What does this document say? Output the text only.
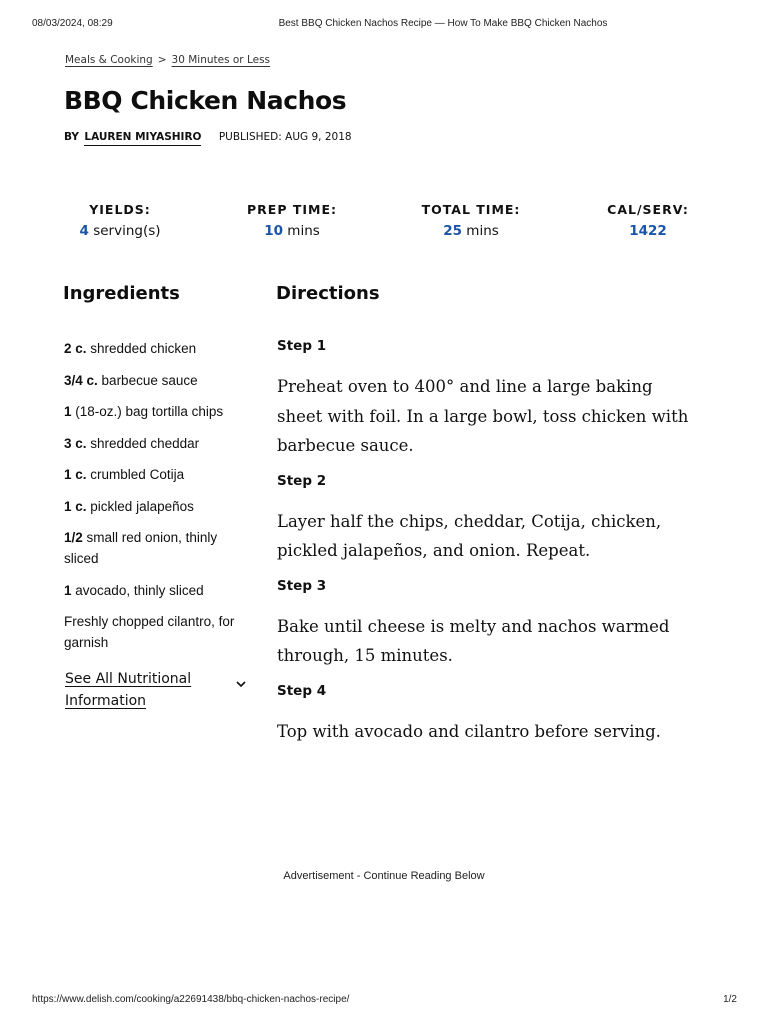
08/03/2024, 08:29	Best BBQ Chicken Nachos Recipe — How To Make BBQ Chicken Nachos
Meals & Cooking > 30 Minutes or Less
BBQ Chicken Nachos
BY LAUREN MIYASHIRO PUBLISHED: AUG 9, 2018
YIELDS:
4 serving(s)
PREP TIME:
10 mins
TOTAL TIME:
25 mins
CAL/SERV:
1422
Ingredients	Directions
2 c. shredded chicken
3/4 c. barbecue sauce
1 (18-oz.) bag tortilla chips
3 c. shredded cheddar
1 c. crumbled Cotija
1 c. pickled jalapeños
1/2 small red onion, thinly sliced
1 avocado, thinly sliced
Freshly chopped cilantro, for garnish
See All Nutritional Information

Step 1

Preheat oven to 400° and line a large baking sheet with foil. In a large bowl, toss chicken with barbecue sauce.

Step 2

Layer half the chips, cheddar, Cotija, chicken, pickled jalapeños, and onion. Repeat.

Step 3

Bake until cheese is melty and nachos warmed through, 15 minutes.

Step 4

Top with avocado and cilantro before serving.

Advertisement - Continue Reading Below
https://www.delish.com/cooking/a22691438/bbq-chicken-nachos-recipe/	1/2
